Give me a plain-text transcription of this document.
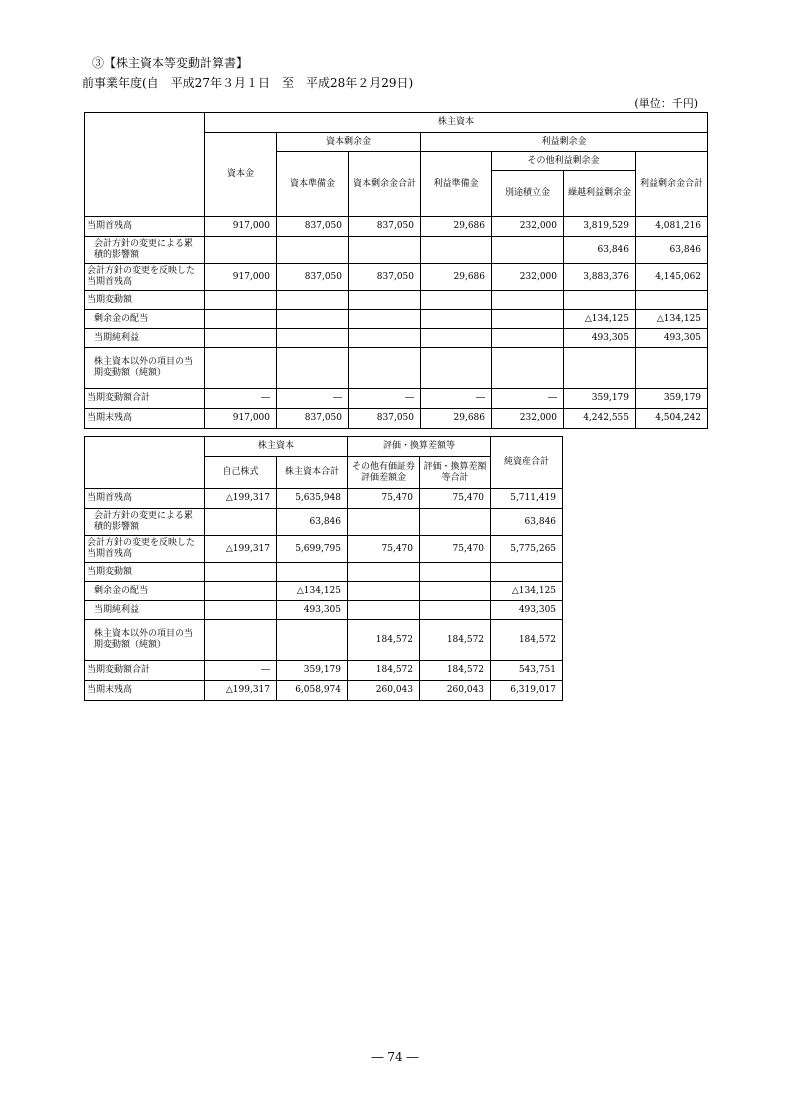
③【株主資本等変動計算書】
前事業年度(自　平成27年３月１日　至　平成28年２月29日)
(単位：千円)
	株主資本						
	資本金	資本剰余金		利益剰余金			
		資本準備金	資本剰余金合計	利益準備金	その他利益剰余金		利益剰余金合計
					別途積立金	繰越利益剰余金	

当期首残高	917,000	837,050	837,050	29,686	232,000	3,819,529	4,081,216

会計方針の変更による累積的影響額						63,846	63,846

会計方針の変更を反映した当期首残高	917,000	837,050	837,050	29,686	232,000	3,883,376	4,145,062

当期変動額							

剰余金の配当						△134,125	△134,125

当期純利益						493,305	493,305

株主資本以外の項目の当期変動額（純額）							

当期変動額合計	―	―	―	―	―	359,179	359,179

当期末残高	917,000	837,050	837,050	29,686	232,000	4,242,555	4,504,242
	株主資本		評価・換算差額等		純資産合計
	自己株式	株主資本合計	その他有価証券評価差額金	評価・換算差額等合計	

当期首残高	△199,317	5,635,948	75,470	75,470	5,711,419

会計方針の変更による累積的影響額		63,846			63,846

会計方針の変更を反映した当期首残高	△199,317	5,699,795	75,470	75,470	5,775,265

当期変動額					

剰余金の配当		△134,125			△134,125

当期純利益		493,305			493,305

株主資本以外の項目の当期変動額（純額）			184,572	184,572	184,572

当期変動額合計	―	359,179	184,572	184,572	543,751

当期末残高	△199,317	6,058,974	260,043	260,043	6,319,017
― 74 ―
